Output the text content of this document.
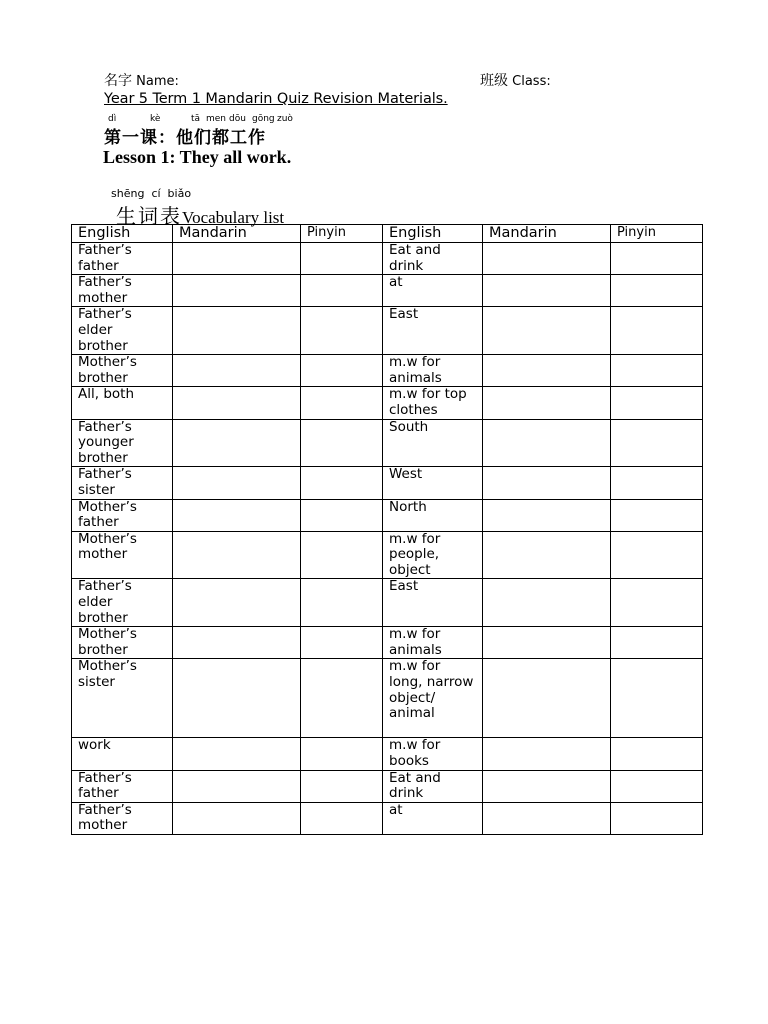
名字 Name:	班级 Class:
Year 5 Term 1 Mandarin Quiz Revision Materials.
dì	kè	tā men dōu gōng zuò
第一课：他们都工作
Lesson 1: They all work.
shēng cí biǎo
生词表Vocabulary list
English	Mandarin	Pinyin	English	Mandarin	Pinyin
Father’s father			Eat and drink		
Father’s mother			at		
Father’s elder brother			East		
Mother’s brother			m.w for animals		
All, both			m.w for top clothes		
Father’s younger brother			South		
Father’s sister			West		
Mother’s father			North		
Mother’s mother			m.w for people, object		
Father’s elder brother			East		
Mother’s brother			m.w for animals		
Mother’s sister			m.w for long, narrow object/ animal		
work			m.w for books		
Father’s father			Eat and drink		
Father’s mother			at		
